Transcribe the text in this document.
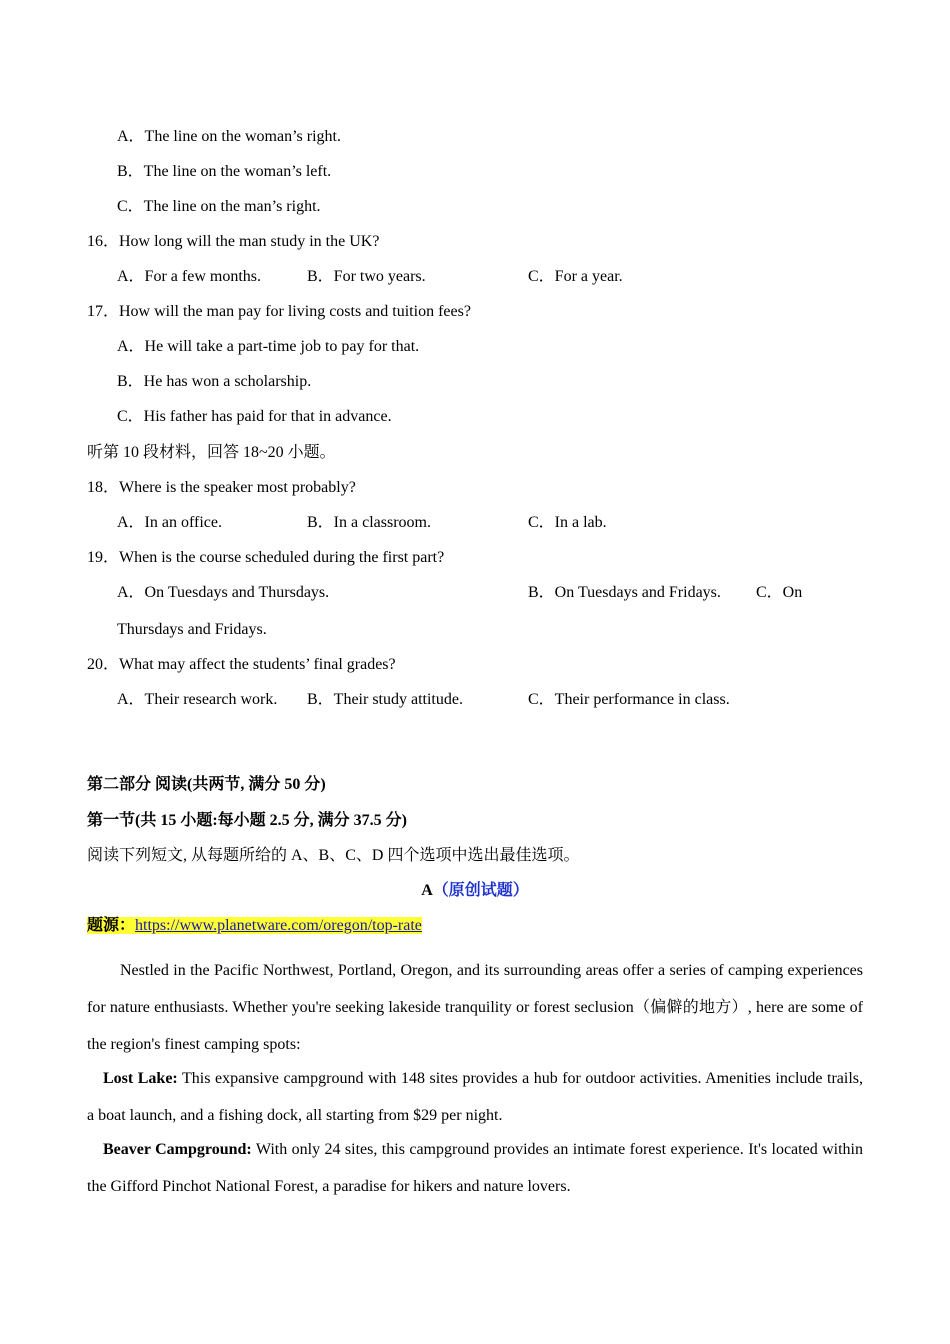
A．The line on the woman’s right.
B．The line on the woman’s left.
C．The line on the man’s right.
16．How long will the man study in the UK?
A．For a few months.	B．For two years.	C．For a year.
17．How will the man pay for living costs and tuition fees?
A．He will take a part-time job to pay for that.
B．He has won a scholarship.
C．His father has paid for that in advance.
听第 10 段材料，回答 18~20 小题。
18．Where is the speaker most probably?
A．In an office.	B．In a classroom.	C．In a lab.
19．When is the course scheduled during the first part?
A．On Tuesdays and Thursdays.	B．On Tuesdays and Fridays. C．On
Thursdays and Fridays.
20．What may affect the students’ final grades?
A．Their research work. B．Their study attitude.	C．Their performance in class.
第二部分 阅读(共两节, 满分 50 分)
第一节(共 15 小题:每小题 2.5 分, 满分 37.5 分)
阅读下列短文, 从每题所给的 A、B、C、D 四个选项中选出最佳选项。
A（原创试题）
题源：https://www.planetware.com/oregon/top-rate

Nestled in the Pacific Northwest, Portland, Oregon, and its surrounding areas offer a series of camping experiences for nature enthusiasts. Whether you're seeking lakeside tranquility or forest seclusion（偏僻的地方）, here are some of the region's finest camping spots:

Lost Lake: This expansive campground with 148 sites provides a hub for outdoor activities. Amenities include trails, a boat launch, and a fishing dock, all starting from $29 per night.

Beaver Campground: With only 24 sites, this campground provides an intimate forest experience. It's located within the Gifford Pinchot National Forest, a paradise for hikers and nature lovers.
